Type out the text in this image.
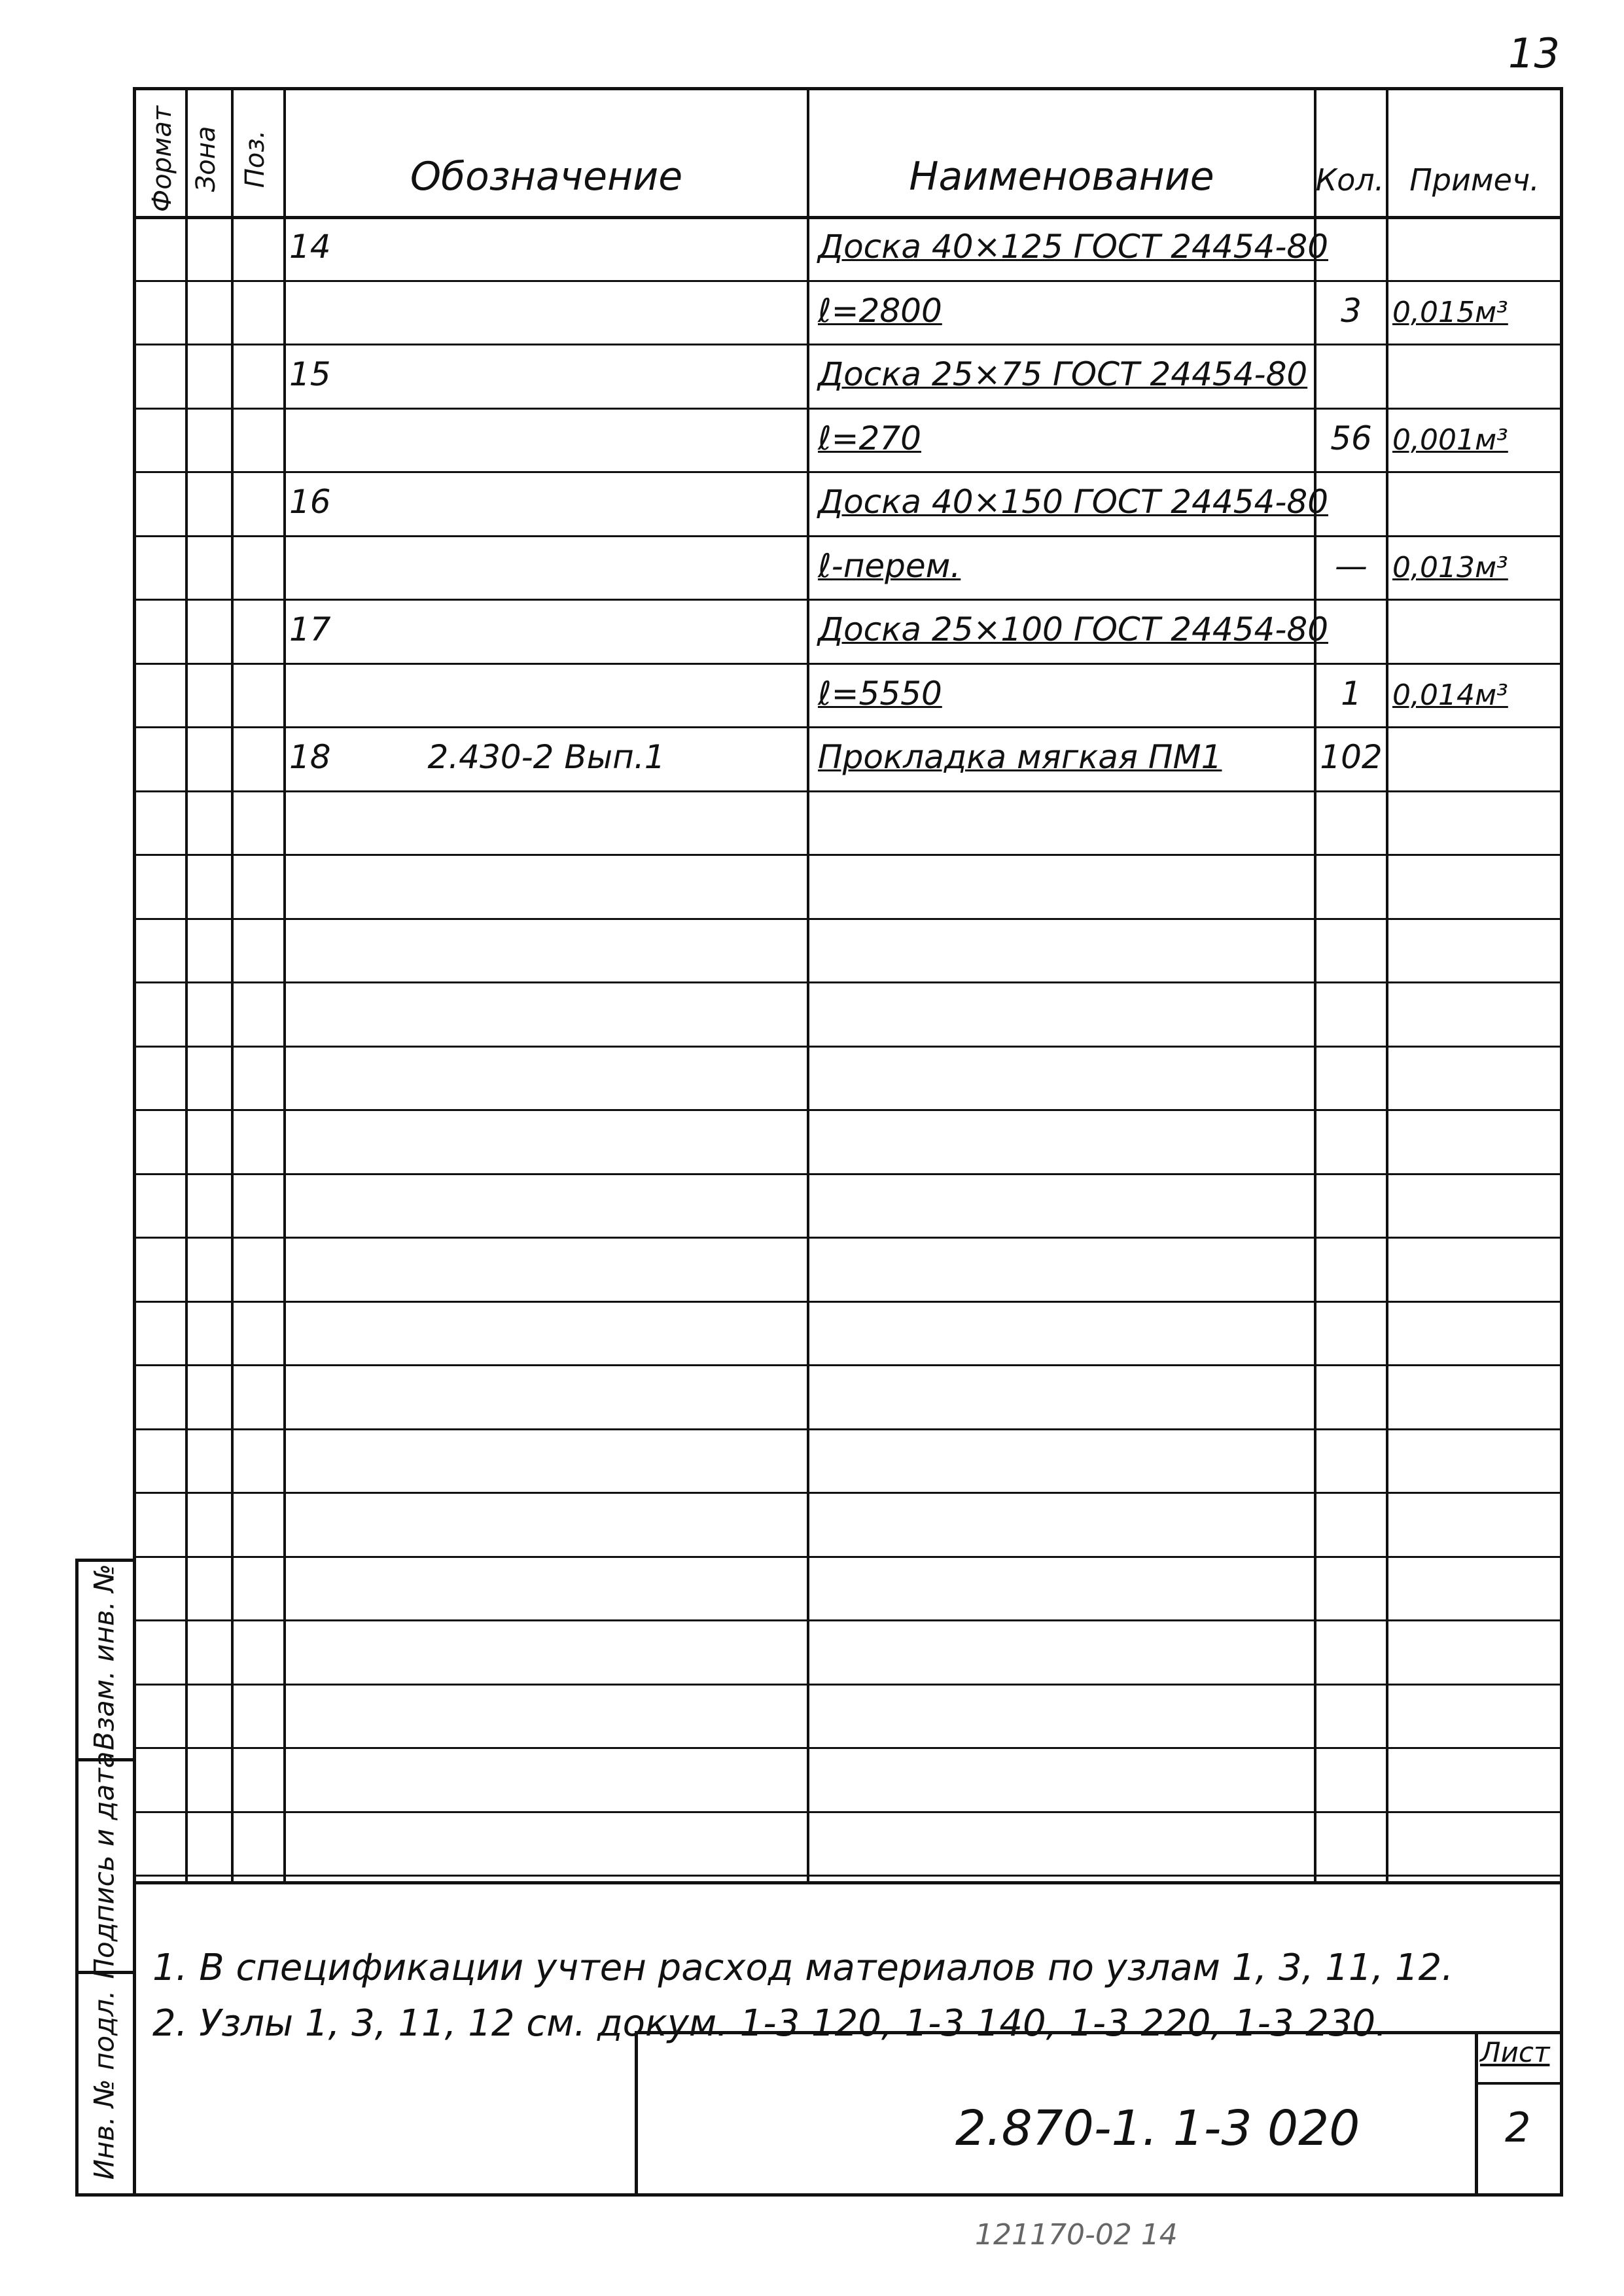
13
Формат Зона Поз.	Обозначение	Наименование	Кол. Примеч.
14	Доска 40×125 ГОСТ 24454-80
ℓ=2800	3	0,015м³
15	Доска 25×75 ГОСТ 24454-80
ℓ=270	56 0,001м³
16	Доска 40×150 ГОСТ 24454-80
ℓ-перем.	— 0,013м³
17	Доска 25×100 ГОСТ 24454-80
ℓ=5550	1	0,014м³
18	2.430-2 Вып.1	Прокладка мягкая ПМ1	102
1. В спецификации учтен расход материалов по узлам 1, 3, 11, 12.
2. Узлы 1, 3, 11, 12 см. докум. 1-3 120, 1-3 140, 1-3 220, 1-3 230.
2.870-1. 1-3 020
Лист
2
121170-02 14
Взам. инв. №
Подпись и дата
Инв. № подл.
